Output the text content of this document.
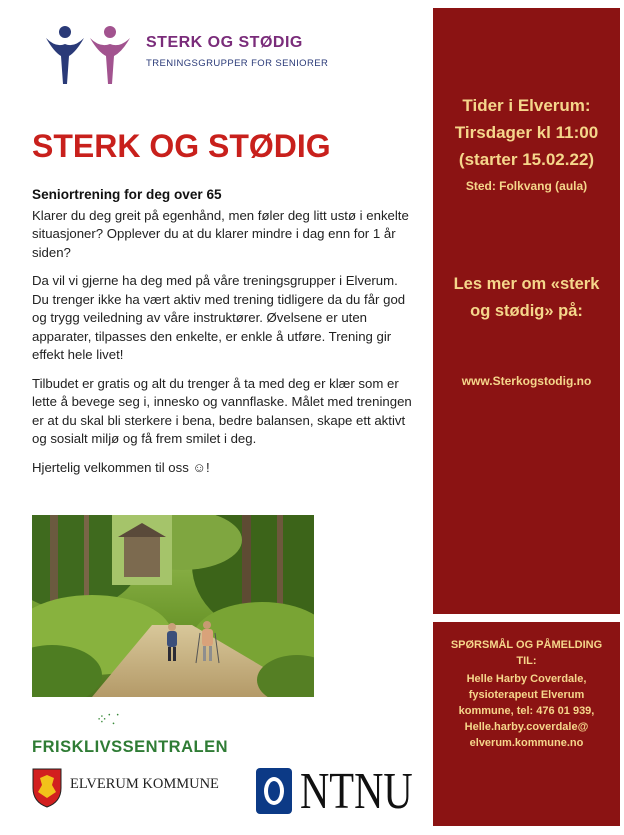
STERK OG STØDIG
TRENINGSGRUPPER FOR SENIORER
STERK OG STØDIG
Seniortrening for deg over 65

Klarer du deg greit på egenhånd, men føler deg litt ustø i enkelte situasjoner? Opplever du at du klarer mindre i dag enn for 1 år siden?

Da vil vi gjerne ha deg med på våre treningsgrupper i Elverum. Du trenger ikke ha vært aktiv med trening tidligere da du får god og trygg veiledning av våre instruktører. Øvelsene er uten apparater, tilpasses den enkelte, er enkle å utføre. Trening gir effekt hele livet!

Tilbudet er gratis og alt du trenger å ta med deg er klær som er lette å bevege seg i, innesko og vannflaske. Målet med treningen er at du skal bli sterkere i bena, bedre balansen, skape ett aktivt og sosialt miljø og få frem smilet i deg.

Hjertelig velkommen til oss ☺!

Tider i Elverum:
Tirsdager kl 11:00
(starter 15.02.22)
Sted: Folkvang (aula)
Les mer om «sterk
og stødig» på:
www.Sterkogstodig.no
SPØRSMÅL OG PÅMELDING
TIL:
Helle Harby Coverdale,
fysioterapeut Elverum
kommune, tel: 476 01 939,
Helle.harby.coverdale@
elverum.kommune.no
⁘⸪
FRISKLIVSSENTRALEN
ELVERUM KOMMUNE NTNU
